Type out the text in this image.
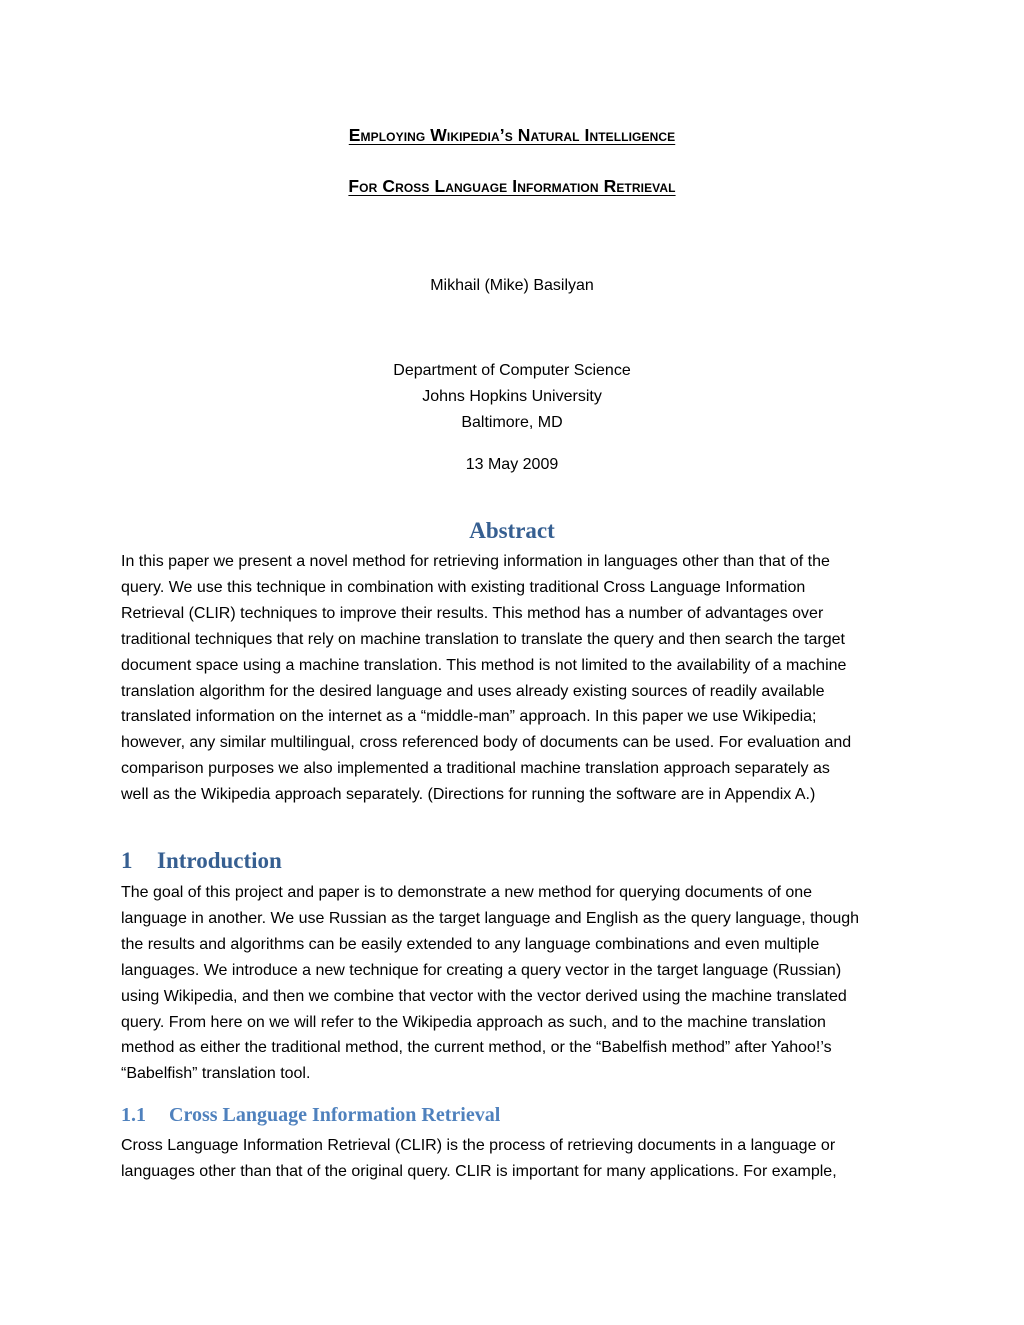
Employing Wikipedia’s Natural Intelligence
For Cross Language Information Retrieval
Mikhail (Mike) Basilyan
Department of Computer Science
Johns Hopkins University
Baltimore, MD
13 May 2009
Abstract
In this paper we present a novel method for retrieving information in languages other than that of the
query. We use this technique in combination with existing traditional Cross Language Information
Retrieval (CLIR) techniques to improve their results. This method has a number of advantages over
traditional techniques that rely on machine translation to translate the query and then search the target
document space using a machine translation. This method is not limited to the availability of a machine
translation algorithm for the desired language and uses already existing sources of readily available
translated information on the internet as a “middle-man” approach. In this paper we use Wikipedia;
however, any similar multilingual, cross referenced body of documents can be used. For evaluation and
comparison purposes we also implemented a traditional machine translation approach separately as
well as the Wikipedia approach separately. (Directions for running the software are in Appendix A.)
1 Introduction
The goal of this project and paper is to demonstrate a new method for querying documents of one
language in another. We use Russian as the target language and English as the query language, though
the results and algorithms can be easily extended to any language combinations and even multiple
languages. We introduce a new technique for creating a query vector in the target language (Russian)
using Wikipedia, and then we combine that vector with the vector derived using the machine translated
query. From here on we will refer to the Wikipedia approach as such, and to the machine translation
method as either the traditional method, the current method, or the “Babelfish method” after Yahoo!’s
“Babelfish” translation tool.
1.1 Cross Language Information Retrieval
Cross Language Information Retrieval (CLIR) is the process of retrieving documents in a language or
languages other than that of the original query. CLIR is important for many applications. For example,
